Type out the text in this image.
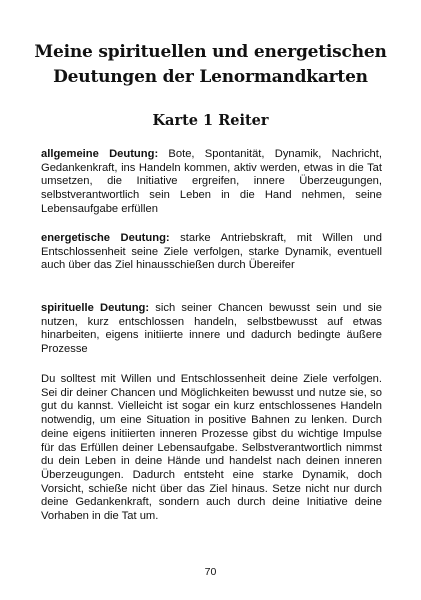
Meine spirituellen und energetischen Deutungen der Lenormandkarten
Karte 1 Reiter

allgemeine Deutung: Bote, Spontanität, Dynamik, Nachricht, Gedankenkraft, ins Handeln kommen, aktiv werden, etwas in die Tat umsetzen, die Initiative ergreifen, innere Überzeugungen, selbstverantwortlich sein Leben in die Hand nehmen, seine Lebensaufgabe erfüllen

energetische Deutung: starke Antriebskraft, mit Willen und Entschlossenheit seine Ziele verfolgen, starke Dynamik, eventuell auch über das Ziel hinausschießen durch Übereifer

spirituelle Deutung: sich seiner Chancen bewusst sein und sie nutzen, kurz entschlossen handeln, selbstbewusst auf etwas hinarbeiten, eigens initiierte innere und dadurch bedingte äußere Prozesse

Du solltest mit Willen und Entschlossenheit deine Ziele verfolgen. Sei dir deiner Chancen und Möglichkeiten bewusst und nutze sie, so gut du kannst. Vielleicht ist sogar ein kurz entschlossenes Handeln notwendig, um eine Situation in positive Bahnen zu lenken. Durch deine eigens initiierten inneren Prozesse gibst du wichtige Impulse für das Erfüllen deiner Lebensaufgabe. Selbstverantwortlich nimmst du dein Leben in deine Hände und handelst nach deinen inneren Überzeugungen. Dadurch entsteht eine starke Dynamik, doch Vorsicht, schieße nicht über das Ziel hinaus. Setze nicht nur durch deine Gedankenkraft, sondern auch durch deine Initiative deine Vorhaben in die Tat um.

70
